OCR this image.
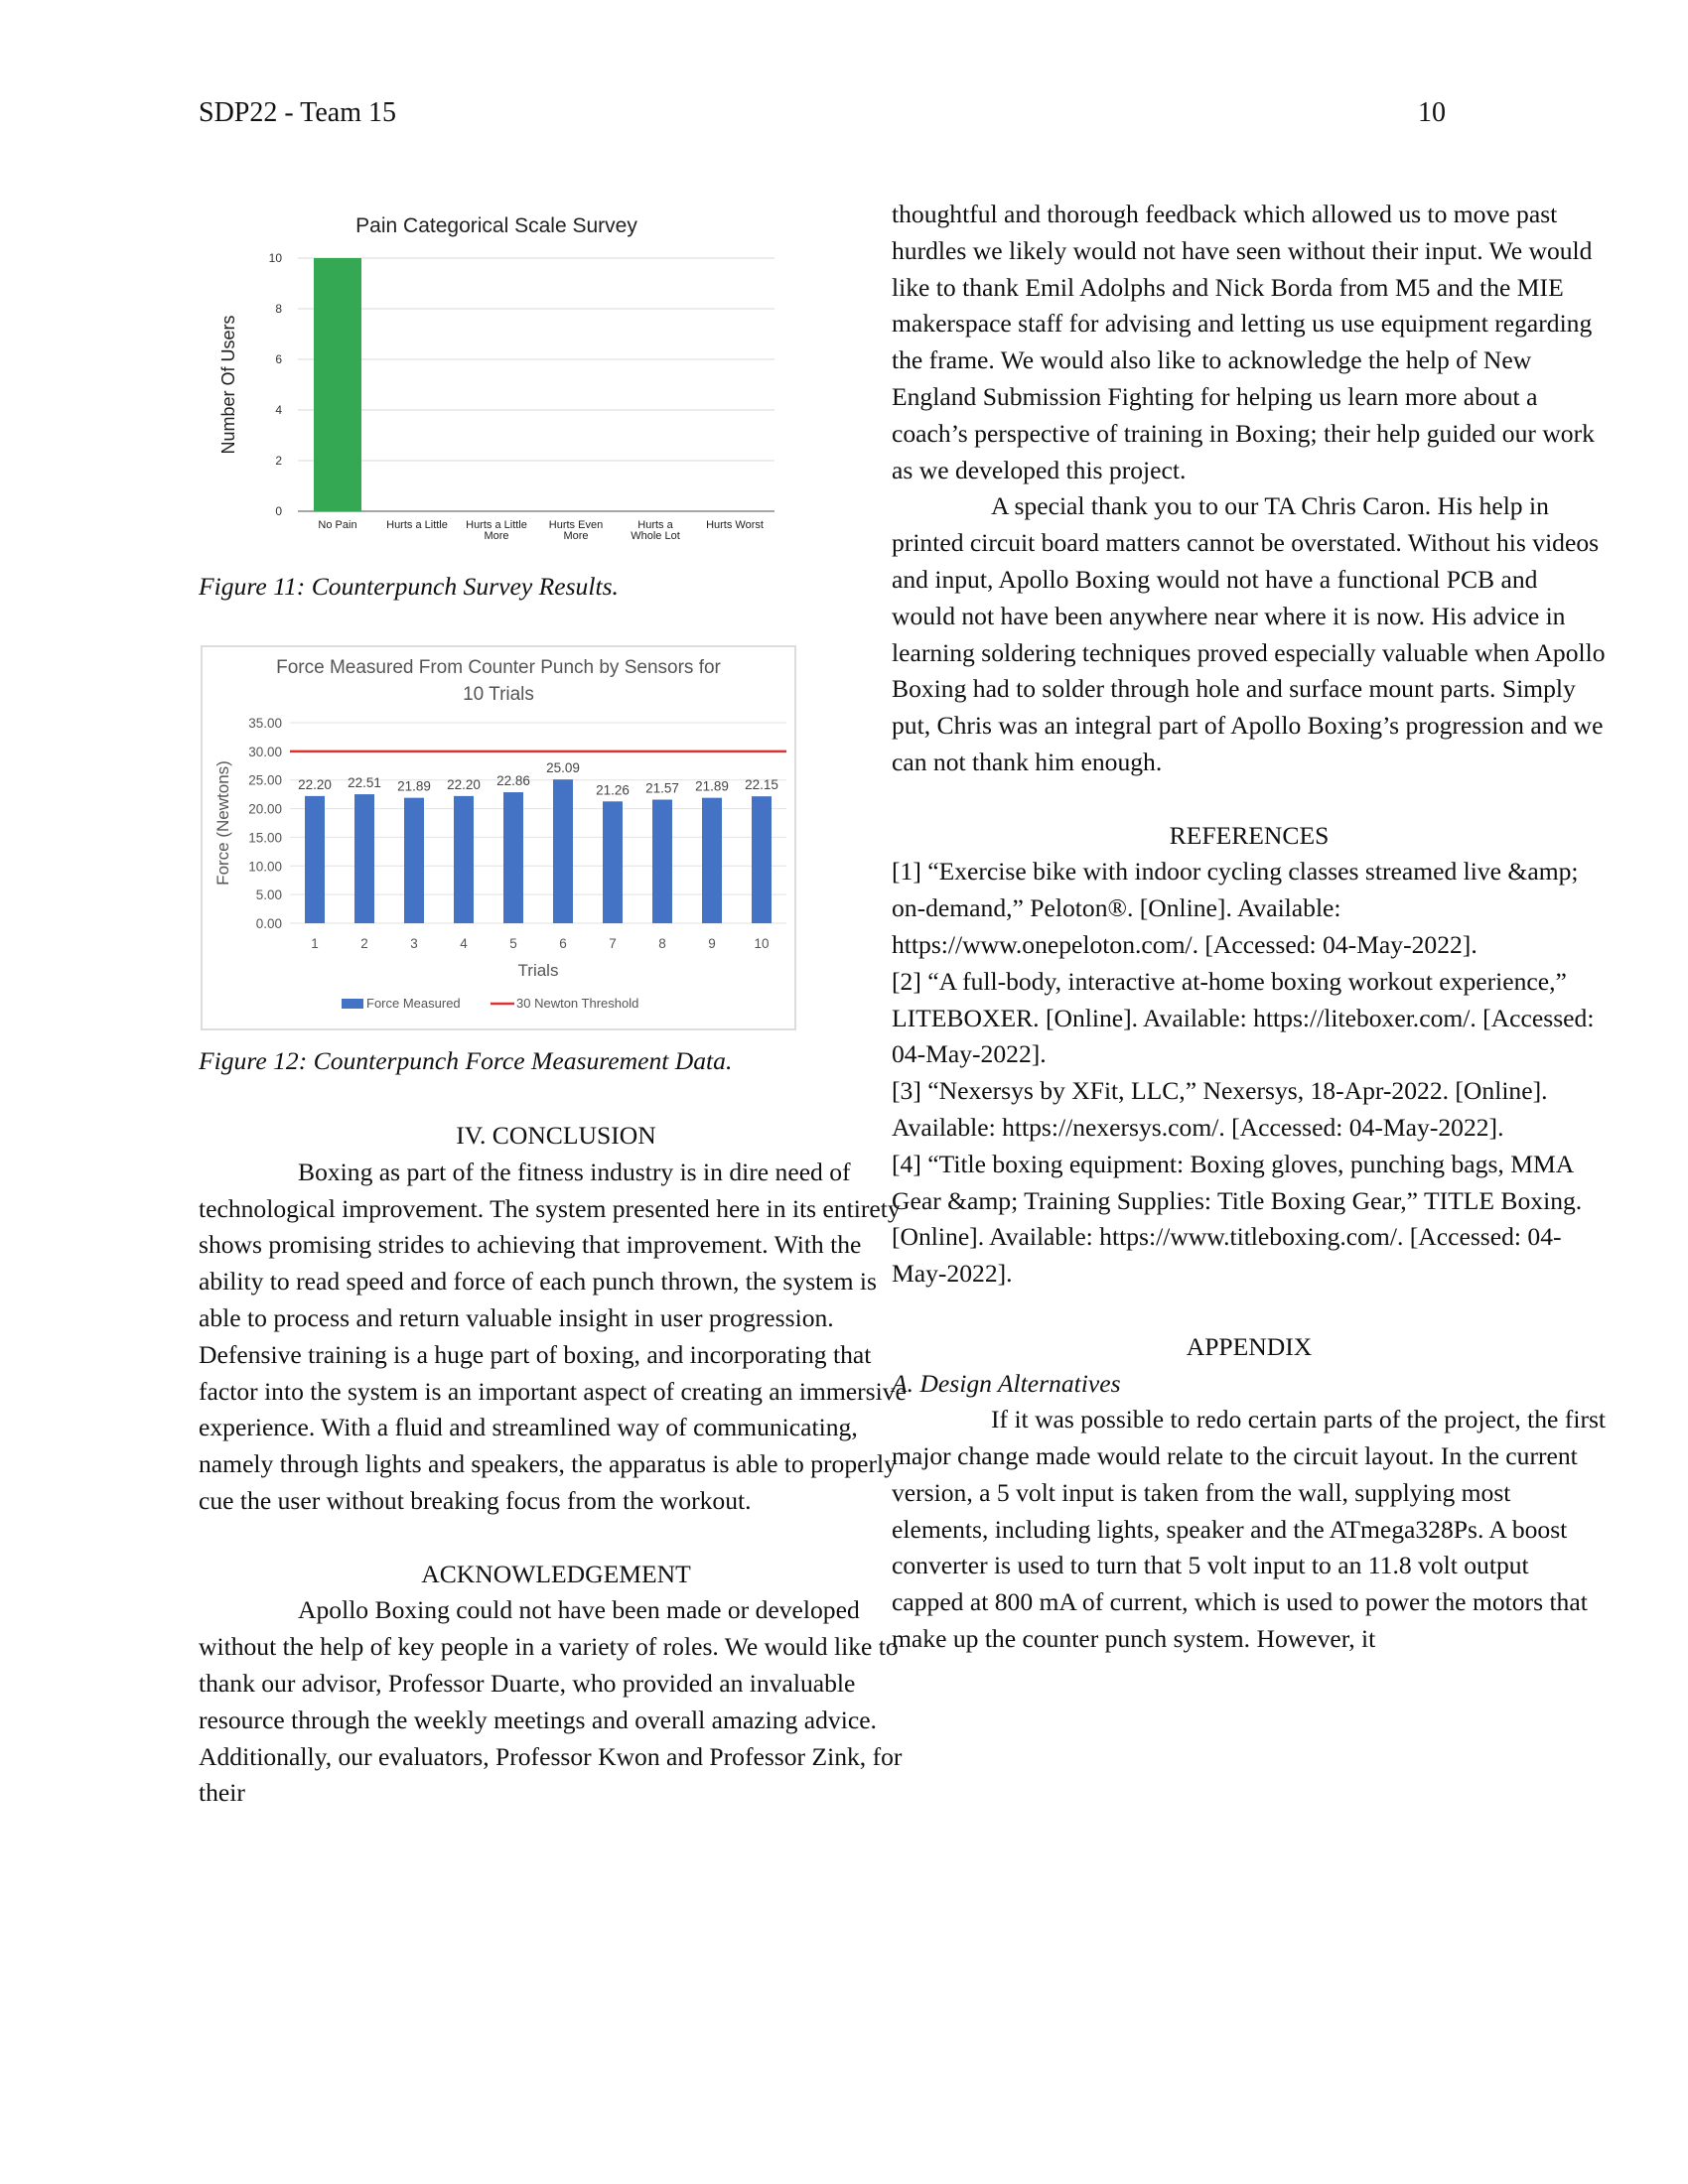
SDP22 - Team 15	10
Pain Categorical Scale Survey
0
2
4
6
8
10
Number Of Users
No Pain	Hurts a Little Hurts a Little More
Hurts Even More
Hurts a Whole Lot
Hurts Worst
Figure 11: Counterpunch Survey Results.
Force Measured From Counter Punch by Sensors for
10 Trials
0.00
5.00
10.00
15.00
20.00
25.00
30.00
35.00
22.20
1
22.51
2
21.89
3
22.20
4
22.86
5
25.09
6
21.26
7
21.57
8
21.89
9
22.15
10
Trials
Force (Newtons)
Force Measured	30 Newton Threshold
Figure 12: Counterpunch Force Measurement Data.

IV. CONCLUSION

Boxing as part of the fitness industry is in dire need of technological improvement. The system presented here in its entirety shows promising strides to achieving that improvement. With the ability to read speed and force of each punch thrown, the system is able to process and return valuable insight in user progression. Defensive training is a huge part of boxing, and incorporating that factor into the system is an important aspect of creating an immersive experience. With a fluid and streamlined way of communicating, namely through lights and speakers, the apparatus is able to properly cue the user without breaking focus from the workout.

ACKNOWLEDGEMENT

Apollo Boxing could not have been made or developed without the help of key people in a variety of roles. We would like to thank our advisor, Professor Duarte, who provided an invaluable resource through the weekly meetings and overall amazing advice. Additionally, our evaluators, Professor Kwon and Professor Zink, for their

thoughtful and thorough feedback which allowed us to move past hurdles we likely would not have seen without their input. We would like to thank Emil Adolphs and Nick Borda from M5 and the MIE makerspace staff for advising and letting us use equipment regarding the frame. We would also like to acknowledge the help of New England Submission Fighting for helping us learn more about a coach’s perspective of training in Boxing; their help guided our work as we developed this project.

A special thank you to our TA Chris Caron. His help in printed circuit board matters cannot be overstated. Without his videos and input, Apollo Boxing would not have a functional PCB and would not have been anywhere near where it is now. His advice in learning soldering techniques proved especially valuable when Apollo Boxing had to solder through hole and surface mount parts. Simply put, Chris was an integral part of Apollo Boxing’s progression and we can not thank him enough.

REFERENCES

[1] “Exercise bike with indoor cycling classes streamed live &amp; on-demand,” Peloton®. [Online]. Available: https://www.onepeloton.com/. [Accessed: 04-May-2022].

[2] “A full-body, interactive at-home boxing workout experience,” LITEBOXER. [Online]. Available: https://liteboxer.com/. [Accessed: 04-May-2022].

[3] “Nexersys by XFit, LLC,” Nexersys, 18-Apr-2022. [Online]. Available: https://nexersys.com/. [Accessed: 04-May-2022].

[4] “Title boxing equipment: Boxing gloves, punching bags, MMA Gear &amp; Training Supplies: Title Boxing Gear,” TITLE Boxing. [Online]. Available: https://www.titleboxing.com/. [Accessed: 04-May-2022].

APPENDIX

A. Design Alternatives

If it was possible to redo certain parts of the project, the first major change made would relate to the circuit layout. In the current version, a 5 volt input is taken from the wall, supplying most elements, including lights, speaker and the ATmega328Ps. A boost converter is used to turn that 5 volt input to an 11.8 volt output capped at 800 mA of current, which is used to power the motors that make up the counter punch system. However, it
